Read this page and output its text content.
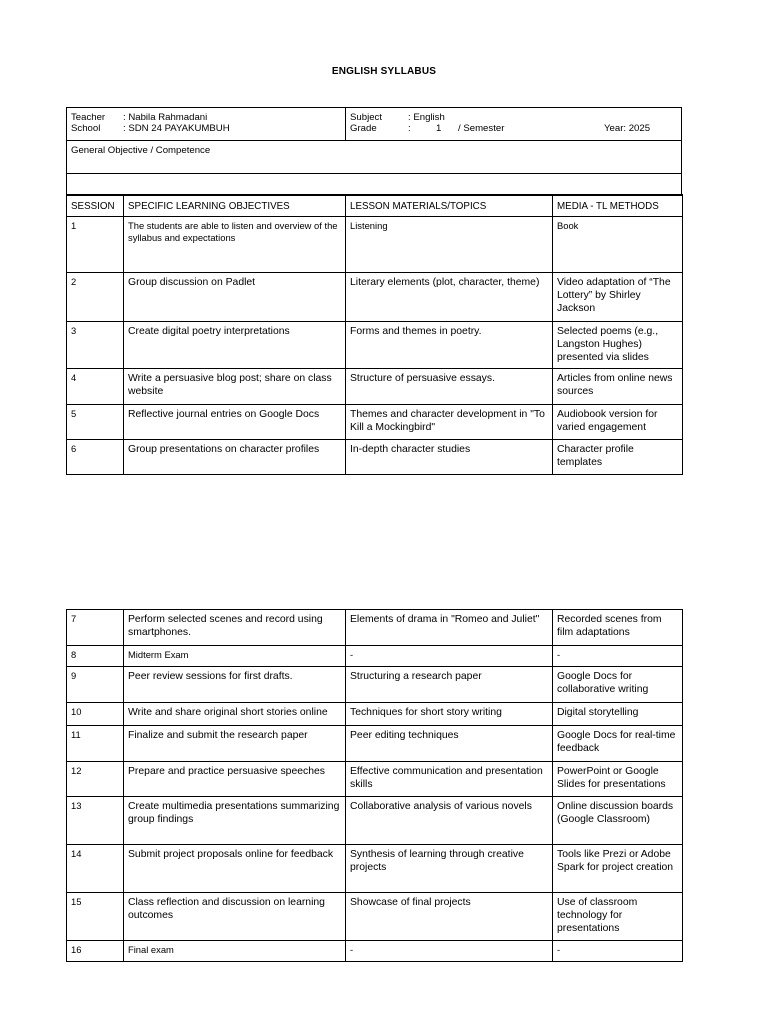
ENGLISH SYLLABUS
Teacher : Nabila Rahmadani
School : SDN 24 PAYAKUMBUH

Subject	: English
Grade	:	1 / Semester	Year: 2025

General Objective / Competence

SESSION	SPECIFIC LEARNING OBJECTIVES	LESSON MATERIALS/TOPICS	MEDIA - TL METHODS

1	The students are able to listen and overview of the syllabus and expectations	Listening	Book

2	Group discussion on Padlet	Literary elements (plot, character, theme)	Video adaptation of “The Lottery” by Shirley Jackson

3	Create digital poetry interpretations	Forms and themes in poetry.	Selected poems (e.g., Langston Hughes) presented via slides

4	Write a persuasive blog post; share on class website	Structure of persuasive essays.	Articles from online news sources

5	Reflective journal entries on Google Docs	Themes and character development in "To Kill a Mockingbird"	Audiobook version for varied engagement

6	Group presentations on character profiles	In-depth character studies	Character profile templates
7	Perform selected scenes and record using smartphones.	Elements of drama in "Romeo and Juliet"	Recorded scenes from film adaptations

8	Midterm Exam	-	-

9	Peer review sessions for first drafts.	Structuring a research paper	Google Docs for collaborative writing

10	Write and share original short stories online	Techniques for short story writing	Digital storytelling

11	Finalize and submit the research paper	Peer editing techniques	Google Docs for real-time feedback

12	Prepare and practice persuasive speeches	Effective communication and presentation skills	PowerPoint or Google Slides for presentations

13	Create multimedia presentations summarizing group findings	Collaborative analysis of various novels	Online discussion boards (Google Classroom)

14	Submit project proposals online for feedback	Synthesis of learning through creative projects	Tools like Prezi or Adobe Spark for project creation

15	Class reflection and discussion on learning outcomes	Showcase of final projects	Use of classroom technology for presentations

16	Final exam	-	-
